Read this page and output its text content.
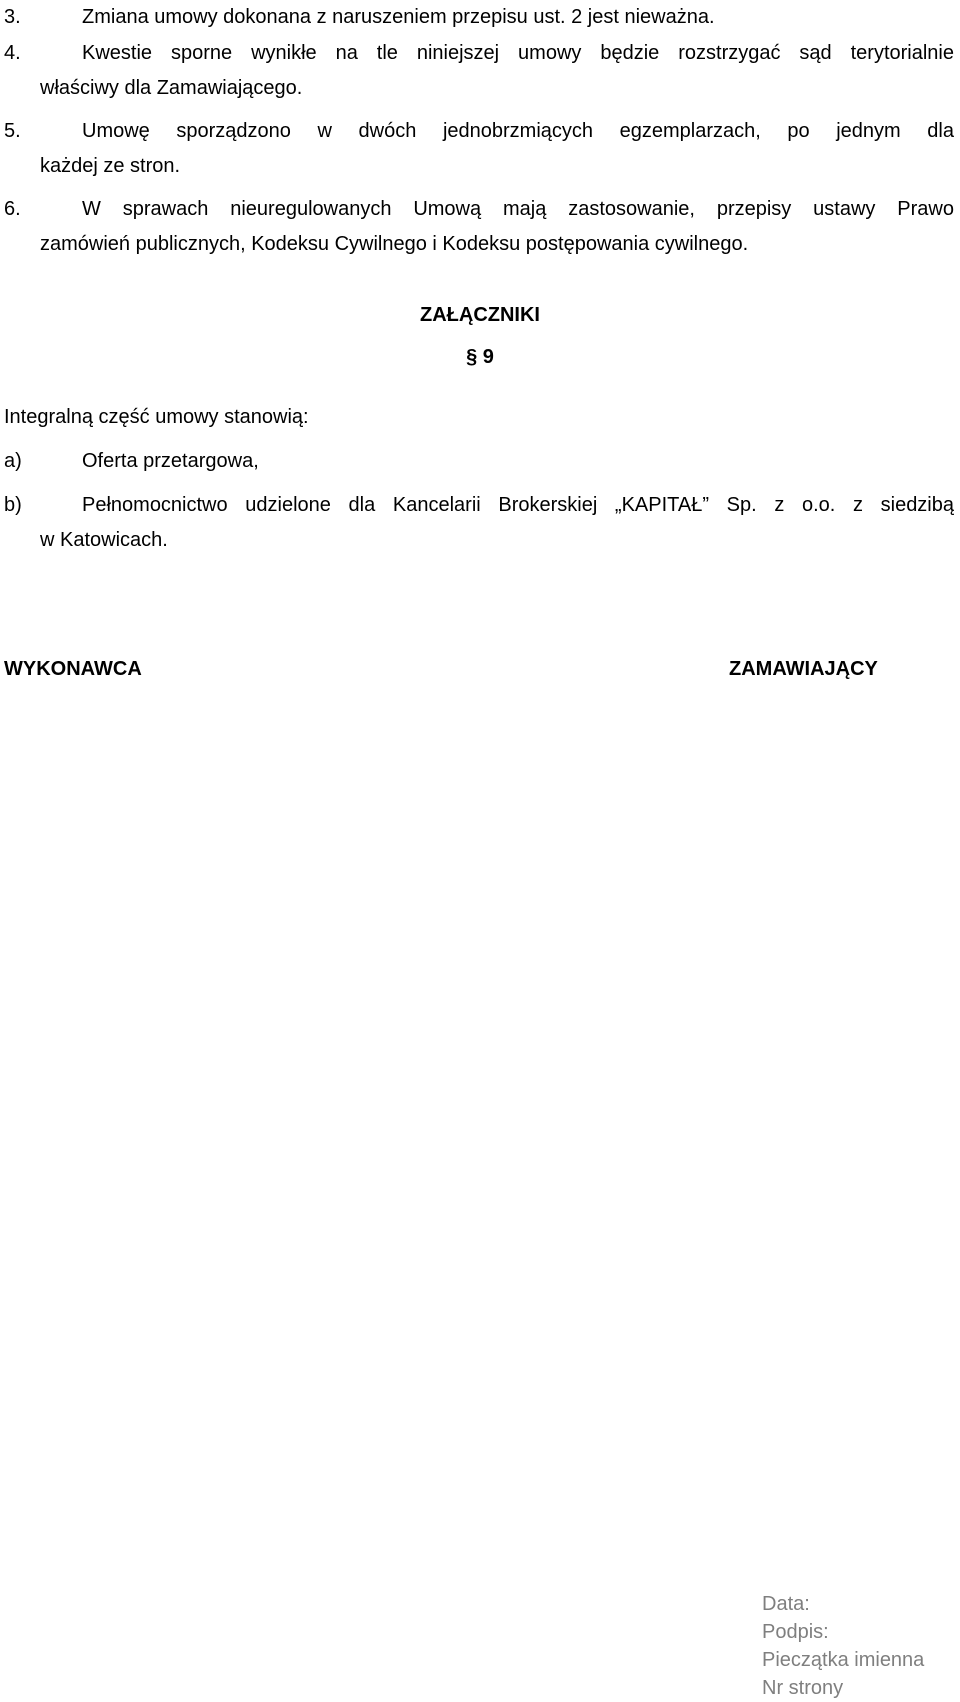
3.	Zmiana umowy dokonana z naruszeniem przepisu ust. 2 jest nieważna.
4.	Kwestie sporne wynikłe na tle niniejszej umowy będzie rozstrzygać sąd terytorialnie
właściwy dla Zamawiającego.
5.	Umowę sporządzono w dwóch jednobrzmiących egzemplarzach, po jednym dla
każdej ze stron.
6.	W sprawach nieuregulowanych Umową mają zastosowanie, przepisy ustawy Prawo
zamówień publicznych, Kodeksu Cywilnego i Kodeksu postępowania cywilnego.
ZAŁĄCZNIKI
§ 9
Integralną część umowy stanowią:
a)	Oferta przetargowa,
b)	Pełnomocnictwo udzielone dla Kancelarii Brokerskiej „KAPITAŁ” Sp. z o.o. z siedzibą
w Katowicach.
WYKONAWCA	ZAMAWIAJĄCY
Data:
Podpis:
Pieczątka imienna
Nr strony
